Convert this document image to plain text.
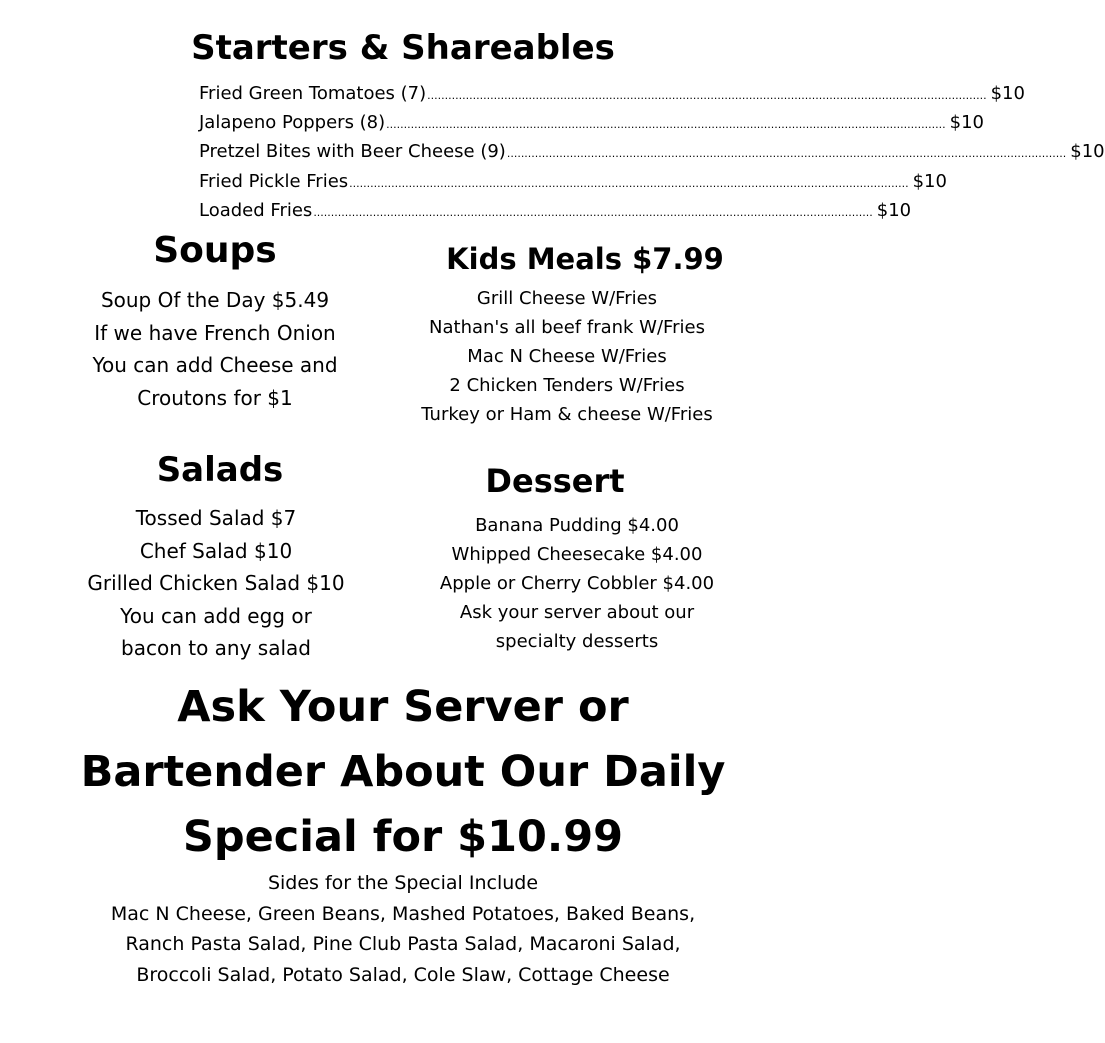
Starters & Shareables
Fried Green Tomatoes (7) ................................................................................................................................................................ $10
Jalapeno Poppers (8) ................................................................................................................................................................ $10
Pretzel Bites with Beer Cheese (9) ................................................................................................................................................................ $10
Fried Pickle Fries ................................................................................................................................................................ $10
Loaded Fries ................................................................................................................................................................ $10
Soups
Soup Of the Day $5.49
If we have French Onion
You can add Cheese and
Croutons for $1
Kids Meals $7.99
Grill Cheese W/Fries
Nathan's all beef frank W/Fries
Mac N Cheese W/Fries
2 Chicken Tenders W/Fries
Turkey or Ham & cheese W/Fries
Salads
Tossed Salad $7
Chef Salad $10
Grilled Chicken Salad $10
You can add egg or
bacon to any salad
Dessert
Banana Pudding $4.00
Whipped Cheesecake $4.00
Apple or Cherry Cobbler $4.00
Ask your server about our
specialty desserts
Ask Your Server or
Bartender About Our Daily
Special for $10.99
Sides for the Special Include
Mac N Cheese, Green Beans, Mashed Potatoes, Baked Beans,
Ranch Pasta Salad, Pine Club Pasta Salad, Macaroni Salad,
Broccoli Salad, Potato Salad, Cole Slaw, Cottage Cheese
